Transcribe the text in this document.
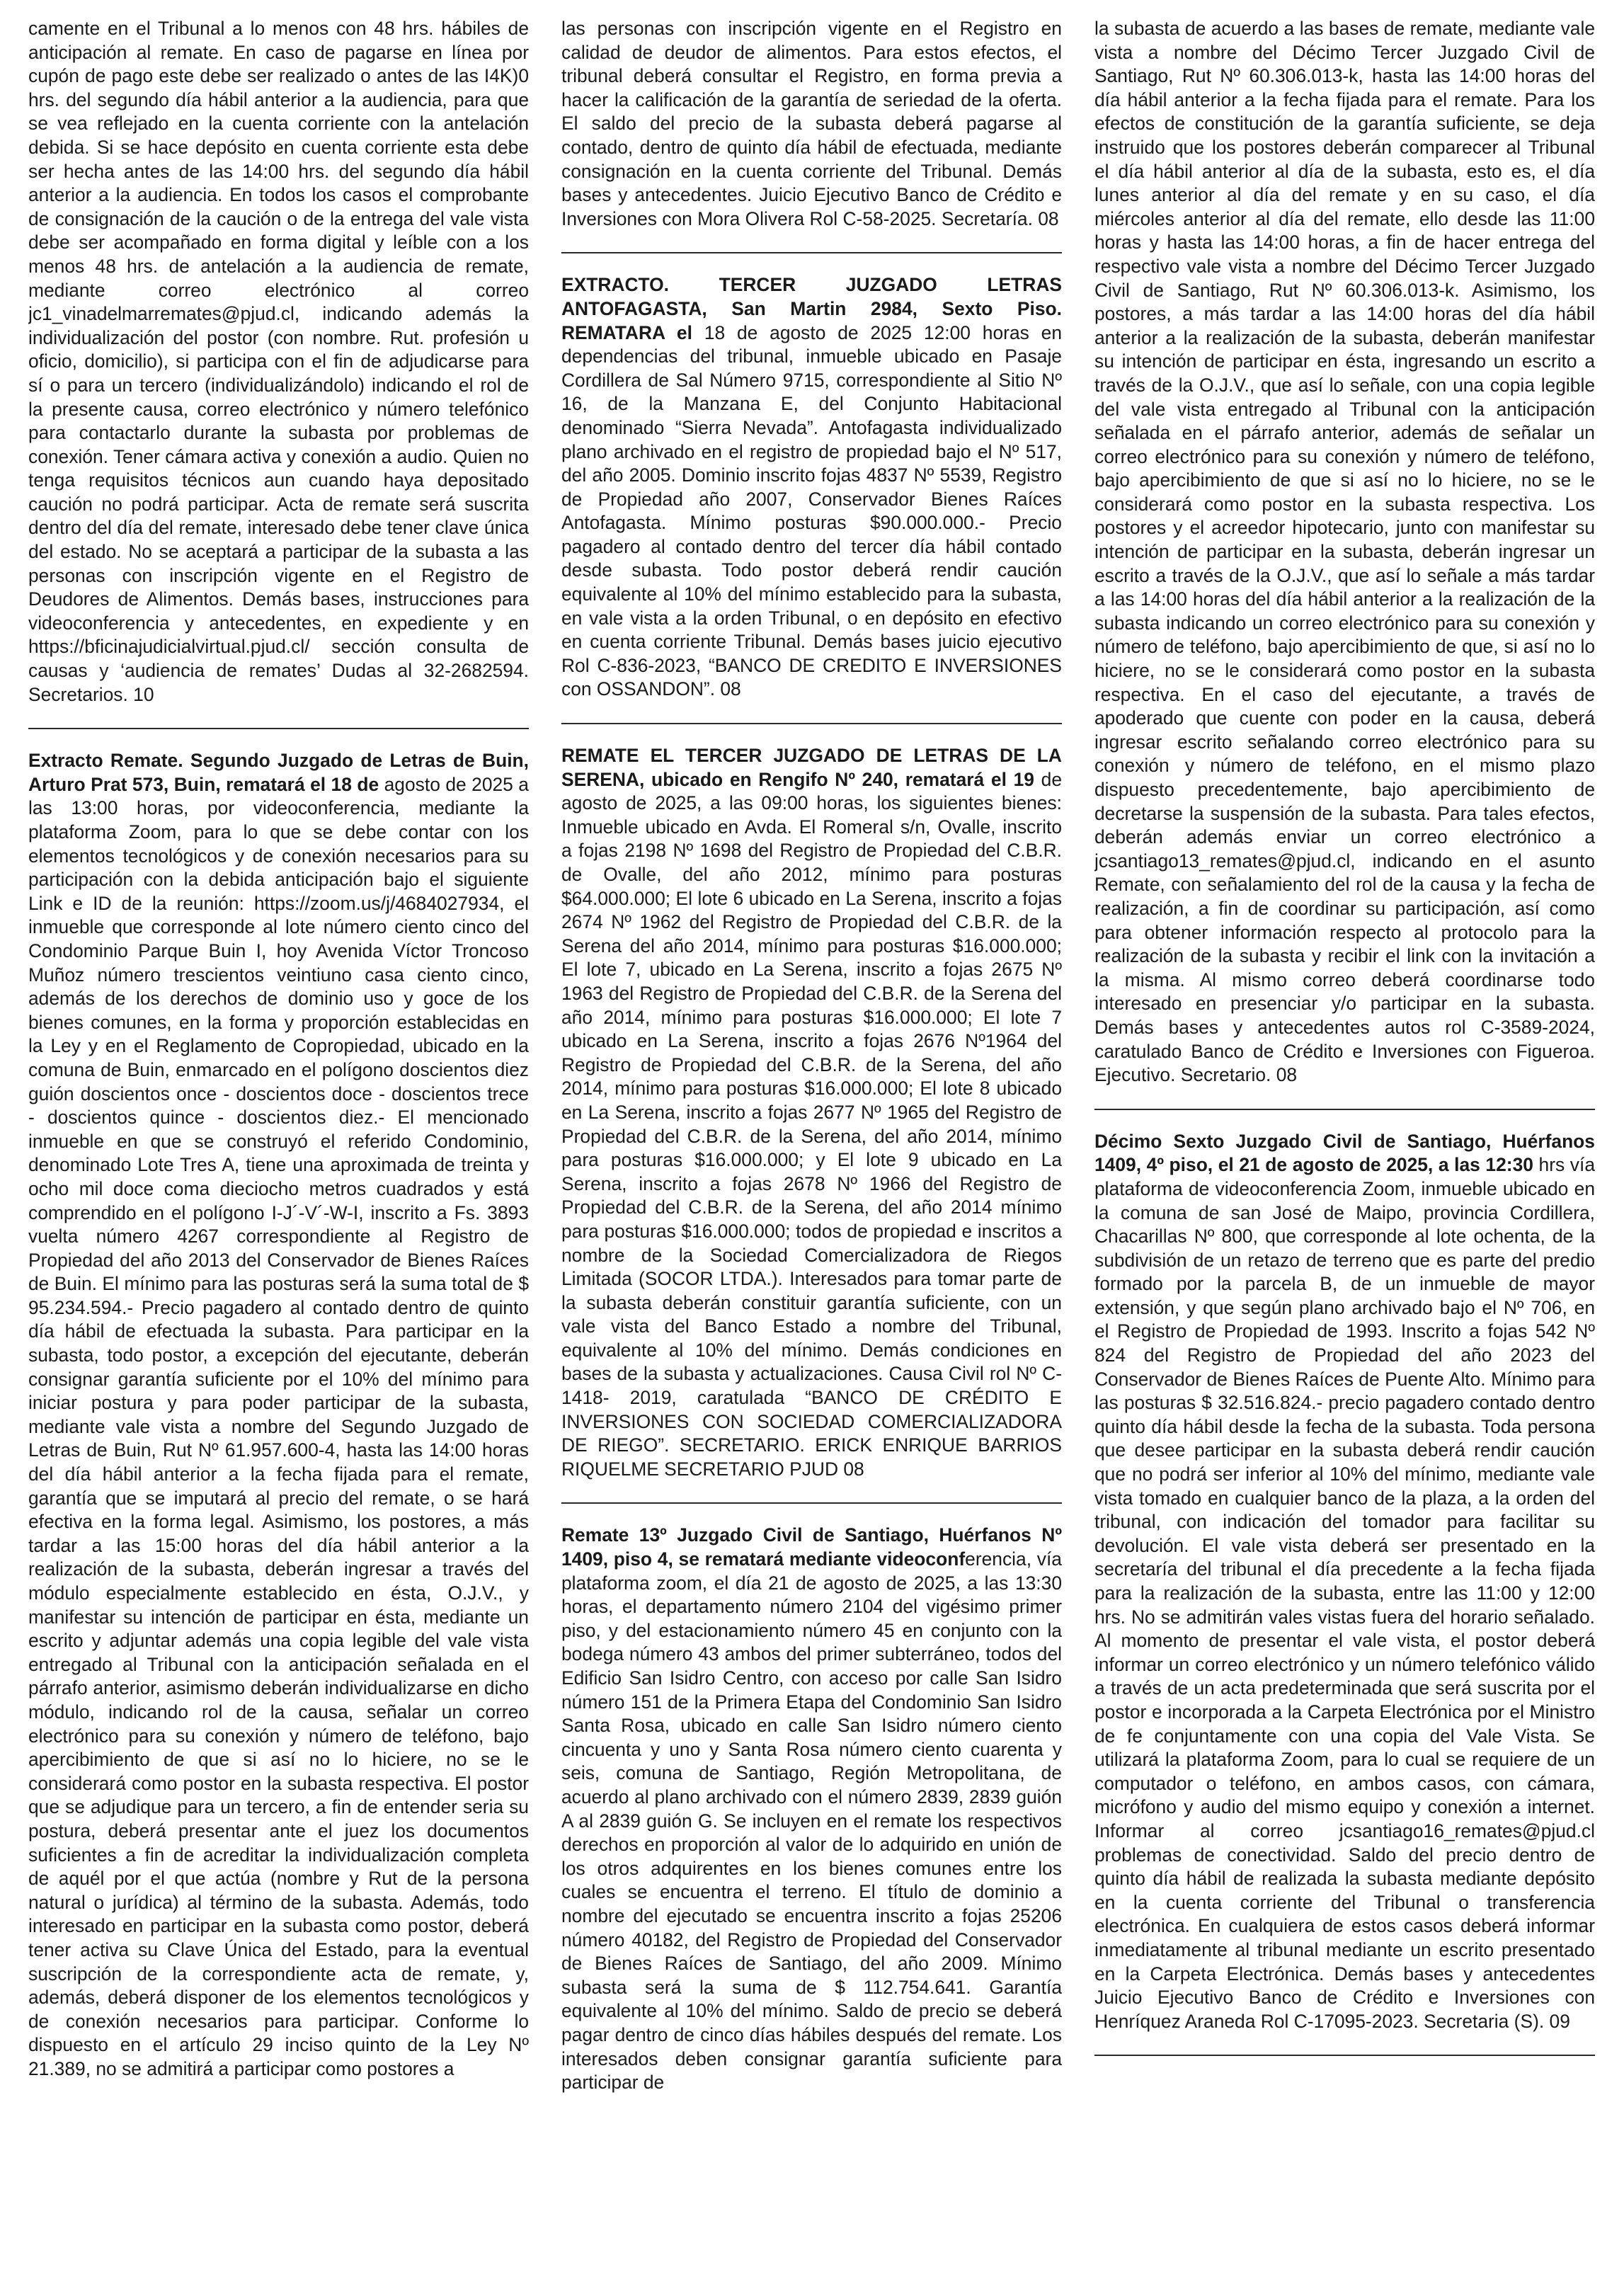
camente en el Tribunal a lo menos con 48 hrs. hábiles de anticipación al remate. En caso de pagarse en línea por cupón de pago este debe ser realizado o antes de las I4K)0 hrs. del segundo día hábil anterior a la audiencia, para que se vea reflejado en la cuenta corriente con la antelación debida. Si se hace depósito en cuenta corriente esta debe ser hecha antes de las 14:00 hrs. del segundo día hábil anterior a la audiencia. En todos los casos el comprobante de consignación de la caución o de la entrega del vale vista debe ser acompañado en forma digital y leíble con a los menos 48 hrs. de antelación a la audiencia de remate, mediante correo electrónico al correo jc1_vinadelmarremates@pjud.cl, indicando además la individualización del postor (con nombre. Rut. profesión u oficio, domicilio), si participa con el fin de adjudicarse para sí o para un tercero (individualizándolo) indicando el rol de la presente causa, correo electrónico y número telefónico para contactarlo durante la subasta por problemas de conexión. Tener cámara activa y conexión a audio. Quien no tenga requisitos técnicos aun cuando haya depositado caución no podrá participar. Acta de remate será suscrita dentro del día del remate, interesado debe tener clave única del estado. No se aceptará a participar de la subasta a las personas con inscripción vigente en el Registro de Deudores de Alimentos. Demás bases, instrucciones para videoconferencia y antecedentes, en expediente y en https://bficinajudicialvirtual.pjud.cl/ sección consulta de causas y ‘audiencia de remates’ Dudas al 32-2682594. Secretarios. 10

Extracto Remate. Segundo Juzgado de Letras de Buin, Arturo Prat 573, Buin, rematará el 18 de agosto de 2025 a las 13:00 horas, por videoconferencia, mediante la plataforma Zoom, para lo que se debe contar con los elementos tecnológicos y de conexión necesarios para su participación con la debida anticipación bajo el siguiente Link e ID de la reunión: https://zoom.us/j/4684027934, el inmueble que corresponde al lote número ciento cinco del Condominio Parque Buin I, hoy Avenida Víctor Troncoso Muñoz número trescientos veintiuno casa ciento cinco, además de los derechos de dominio uso y goce de los bienes comunes, en la forma y proporción establecidas en la Ley y en el Reglamento de Copropiedad, ubicado en la comuna de Buin, enmarcado en el polígono doscientos diez guión doscientos once - doscientos doce - doscientos trece - doscientos quince - doscientos diez.- El mencionado inmueble en que se construyó el referido Condominio, denominado Lote Tres A, tiene una aproximada de treinta y ocho mil doce coma dieciocho metros cuadrados y está comprendido en el polígono I-J´-V´-W-I, inscrito a Fs. 3893 vuelta número 4267 correspondiente al Registro de Propiedad del año 2013 del Conservador de Bienes Raíces de Buin. El mínimo para las posturas será la suma total de $ 95.234.594.- Precio pagadero al contado dentro de quinto día hábil de efectuada la subasta. Para participar en la subasta, todo postor, a excepción del ejecutante, deberán consignar garantía suficiente por el 10% del mínimo para iniciar postura y para poder participar de la subasta, mediante vale vista a nombre del Segundo Juzgado de Letras de Buin, Rut Nº 61.957.600-4, hasta las 14:00 horas del día hábil anterior a la fecha fijada para el remate, garantía que se imputará al precio del remate, o se hará efectiva en la forma legal. Asimismo, los postores, a más tardar a las 15:00 horas del día hábil anterior a la realización de la subasta, deberán ingresar a través del módulo especialmente establecido en ésta, O.J.V., y manifestar su intención de participar en ésta, mediante un escrito y adjuntar además una copia legible del vale vista entregado al Tribunal con la anticipación señalada en el párrafo anterior, asimismo deberán individualizarse en dicho módulo, indicando rol de la causa, señalar un correo electrónico para su conexión y número de teléfono, bajo apercibimiento de que si así no lo hiciere, no se le considerará como postor en la subasta respectiva. El postor que se adjudique para un tercero, a fin de entender seria su postura, deberá presentar ante el juez los documentos suficientes a fin de acreditar la individualización completa de aquél por el que actúa (nombre y Rut de la persona natural o jurídica) al término de la subasta. Además, todo interesado en participar en la subasta como postor, deberá tener activa su Clave Única del Estado, para la eventual suscripción de la correspondiente acta de remate, y, además, deberá disponer de los elementos tecnológicos y de conexión necesarios para participar. Conforme lo dispuesto en el artículo 29 inciso quinto de la Ley Nº 21.389, no se admitirá a participar como postores a

las personas con inscripción vigente en el Registro en calidad de deudor de alimentos. Para estos efectos, el tribunal deberá consultar el Registro, en forma previa a hacer la calificación de la garantía de seriedad de la oferta. El saldo del precio de la subasta deberá pagarse al contado, dentro de quinto día hábil de efectuada, mediante consignación en la cuenta corriente del Tribunal. Demás bases y antecedentes. Juicio Ejecutivo Banco de Crédito e Inversiones con Mora Olivera Rol C-58-2025. Secretaría. 08

EXTRACTO. TERCER JUZGADO LETRAS ANTOFAGASTA, San Martin 2984, Sexto Piso. REMATARA el 18 de agosto de 2025 12:00 horas en dependencias del tribunal, inmueble ubicado en Pasaje Cordillera de Sal Número 9715, correspondiente al Sitio Nº 16, de la Manzana E, del Conjunto Habitacional denominado “Sierra Nevada”. Antofagasta individualizado plano archivado en el registro de propiedad bajo el Nº 517, del año 2005. Dominio inscrito fojas 4837 Nº 5539, Registro de Propiedad año 2007, Conservador Bienes Raíces Antofagasta. Mínimo posturas $90.000.000.- Precio pagadero al contado dentro del tercer día hábil contado desde subasta. Todo postor deberá rendir caución equivalente al 10% del mínimo establecido para la subasta, en vale vista a la orden Tribunal, o en depósito en efectivo en cuenta corriente Tribunal. Demás bases juicio ejecutivo Rol C-836-2023, “BANCO DE CREDITO E INVERSIONES con OSSANDON”. 08

REMATE EL TERCER JUZGADO DE LETRAS DE LA SERENA, ubicado en Rengifo Nº 240, rematará el 19 de agosto de 2025, a las 09:00 horas, los siguientes bienes: Inmueble ubicado en Avda. El Romeral s/n, Ovalle, inscrito a fojas 2198 Nº 1698 del Registro de Propiedad del C.B.R. de Ovalle, del año 2012, mínimo para posturas $64.000.000; El lote 6 ubicado en La Serena, inscrito a fojas 2674 Nº 1962 del Registro de Propiedad del C.B.R. de la Serena del año 2014, mínimo para posturas $16.000.000; El lote 7, ubicado en La Serena, inscrito a fojas 2675 Nº 1963 del Registro de Propiedad del C.B.R. de la Serena del año 2014, mínimo para posturas $16.000.000; El lote 7 ubicado en La Serena, inscrito a fojas 2676 Nº1964 del Registro de Propiedad del C.B.R. de la Serena, del año 2014, mínimo para posturas $16.000.000; El lote 8 ubicado en La Serena, inscrito a fojas 2677 Nº 1965 del Registro de Propiedad del C.B.R. de la Serena, del año 2014, mínimo para posturas $16.000.000; y El lote 9 ubicado en La Serena, inscrito a fojas 2678 Nº 1966 del Registro de Propiedad del C.B.R. de la Serena, del año 2014 mínimo para posturas $16.000.000; todos de propiedad e inscritos a nombre de la Sociedad Comercializadora de Riegos Limitada (SOCOR LTDA.). Interesados para tomar parte de la subasta deberán constituir garantía suficiente, con un vale vista del Banco Estado a nombre del Tribunal, equivalente al 10% del mínimo. Demás condiciones en bases de la subasta y actualizaciones. Causa Civil rol Nº C-1418- 2019, caratulada “BANCO DE CRÉDITO E INVERSIONES CON SOCIEDAD COMERCIALIZADORA DE RIEGO”. SECRETARIO. ERICK ENRIQUE BARRIOS RIQUELME SECRETARIO PJUD 08

Remate 13º Juzgado Civil de Santiago, Huérfanos Nº 1409, piso 4, se rematará mediante videoconferencia, vía plataforma zoom, el día 21 de agosto de 2025, a las 13:30 horas, el departamento número 2104 del vigésimo primer piso, y del estacionamiento número 45 en conjunto con la bodega número 43 ambos del primer subterráneo, todos del Edificio San Isidro Centro, con acceso por calle San Isidro número 151 de la Primera Etapa del Condominio San Isidro Santa Rosa, ubicado en calle San Isidro número ciento cincuenta y uno y Santa Rosa número ciento cuarenta y seis, comuna de Santiago, Región Metropolitana, de acuerdo al plano archivado con el número 2839, 2839 guión A al 2839 guión G. Se incluyen en el remate los respectivos derechos en proporción al valor de lo adquirido en unión de los otros adquirentes en los bienes comunes entre los cuales se encuentra el terreno. El título de dominio a nombre del ejecutado se encuentra inscrito a fojas 25206 número 40182, del Registro de Propiedad del Conservador de Bienes Raíces de Santiago, del año 2009. Mínimo subasta será la suma de $ 112.754.641. Garantía equivalente al 10% del mínimo. Saldo de precio se deberá pagar dentro de cinco días hábiles después del remate. Los interesados deben consignar garantía suficiente para participar de

la subasta de acuerdo a las bases de remate, mediante vale vista a nombre del Décimo Tercer Juzgado Civil de Santiago, Rut Nº 60.306.013-k, hasta las 14:00 horas del día hábil anterior a la fecha fijada para el remate. Para los efectos de constitución de la garantía suficiente, se deja instruido que los postores deberán comparecer al Tribunal el día hábil anterior al día de la subasta, esto es, el día lunes anterior al día del remate y en su caso, el día miércoles anterior al día del remate, ello desde las 11:00 horas y hasta las 14:00 horas, a fin de hacer entrega del respectivo vale vista a nombre del Décimo Tercer Juzgado Civil de Santiago, Rut Nº 60.306.013-k. Asimismo, los postores, a más tardar a las 14:00 horas del día hábil anterior a la realización de la subasta, deberán manifestar su intención de participar en ésta, ingresando un escrito a través de la O.J.V., que así lo señale, con una copia legible del vale vista entregado al Tribunal con la anticipación señalada en el párrafo anterior, además de señalar un correo electrónico para su conexión y número de teléfono, bajo apercibimiento de que si así no lo hiciere, no se le considerará como postor en la subasta respectiva. Los postores y el acreedor hipotecario, junto con manifestar su intención de participar en la subasta, deberán ingresar un escrito a través de la O.J.V., que así lo señale a más tardar a las 14:00 horas del día hábil anterior a la realización de la subasta indicando un correo electrónico para su conexión y número de teléfono, bajo apercibimiento de que, si así no lo hiciere, no se le considerará como postor en la subasta respectiva. En el caso del ejecutante, a través de apoderado que cuente con poder en la causa, deberá ingresar escrito señalando correo electrónico para su conexión y número de teléfono, en el mismo plazo dispuesto precedentemente, bajo apercibimiento de decretarse la suspensión de la subasta. Para tales efectos, deberán además enviar un correo electrónico a jcsantiago13_remates@pjud.cl, indicando en el asunto Remate, con señalamiento del rol de la causa y la fecha de realización, a fin de coordinar su participación, así como para obtener información respecto al protocolo para la realización de la subasta y recibir el link con la invitación a la misma. Al mismo correo deberá coordinarse todo interesado en presenciar y/o participar en la subasta. Demás bases y antecedentes autos rol C-3589-2024, caratulado Banco de Crédito e Inversiones con Figueroa. Ejecutivo. Secretario. 08

Décimo Sexto Juzgado Civil de Santiago, Huérfanos 1409, 4º piso, el 21 de agosto de 2025, a las 12:30 hrs vía plataforma de videoconferencia Zoom, inmueble ubicado en la comuna de san José de Maipo, provincia Cordillera, Chacarillas Nº 800, que corresponde al lote ochenta, de la subdivisión de un retazo de terreno que es parte del predio formado por la parcela B, de un inmueble de mayor extensión, y que según plano archivado bajo el Nº 706, en el Registro de Propiedad de 1993. Inscrito a fojas 542 Nº 824 del Registro de Propiedad del año 2023 del Conservador de Bienes Raíces de Puente Alto. Mínimo para las posturas $ 32.516.824.- precio pagadero contado dentro quinto día hábil desde la fecha de la subasta. Toda persona que desee participar en la subasta deberá rendir caución que no podrá ser inferior al 10% del mínimo, mediante vale vista tomado en cualquier banco de la plaza, a la orden del tribunal, con indicación del tomador para facilitar su devolución. El vale vista deberá ser presentado en la secretaría del tribunal el día precedente a la fecha fijada para la realización de la subasta, entre las 11:00 y 12:00 hrs. No se admitirán vales vistas fuera del horario señalado. Al momento de presentar el vale vista, el postor deberá informar un correo electrónico y un número telefónico válido a través de un acta predeterminada que será suscrita por el postor e incorporada a la Carpeta Electrónica por el Ministro de fe conjuntamente con una copia del Vale Vista. Se utilizará la plataforma Zoom, para lo cual se requiere de un computador o teléfono, en ambos casos, con cámara, micrófono y audio del mismo equipo y conexión a internet. Informar al correo jcsantiago16_remates@pjud.cl problemas de conectividad. Saldo del precio dentro de quinto día hábil de realizada la subasta mediante depósito en la cuenta corriente del Tribunal o transferencia electrónica. En cualquiera de estos casos deberá informar inmediatamente al tribunal mediante un escrito presentado en la Carpeta Electrónica. Demás bases y antecedentes Juicio Ejecutivo Banco de Crédito e Inversiones con Henríquez Araneda Rol C-17095-2023. Secretaria (S). 09
